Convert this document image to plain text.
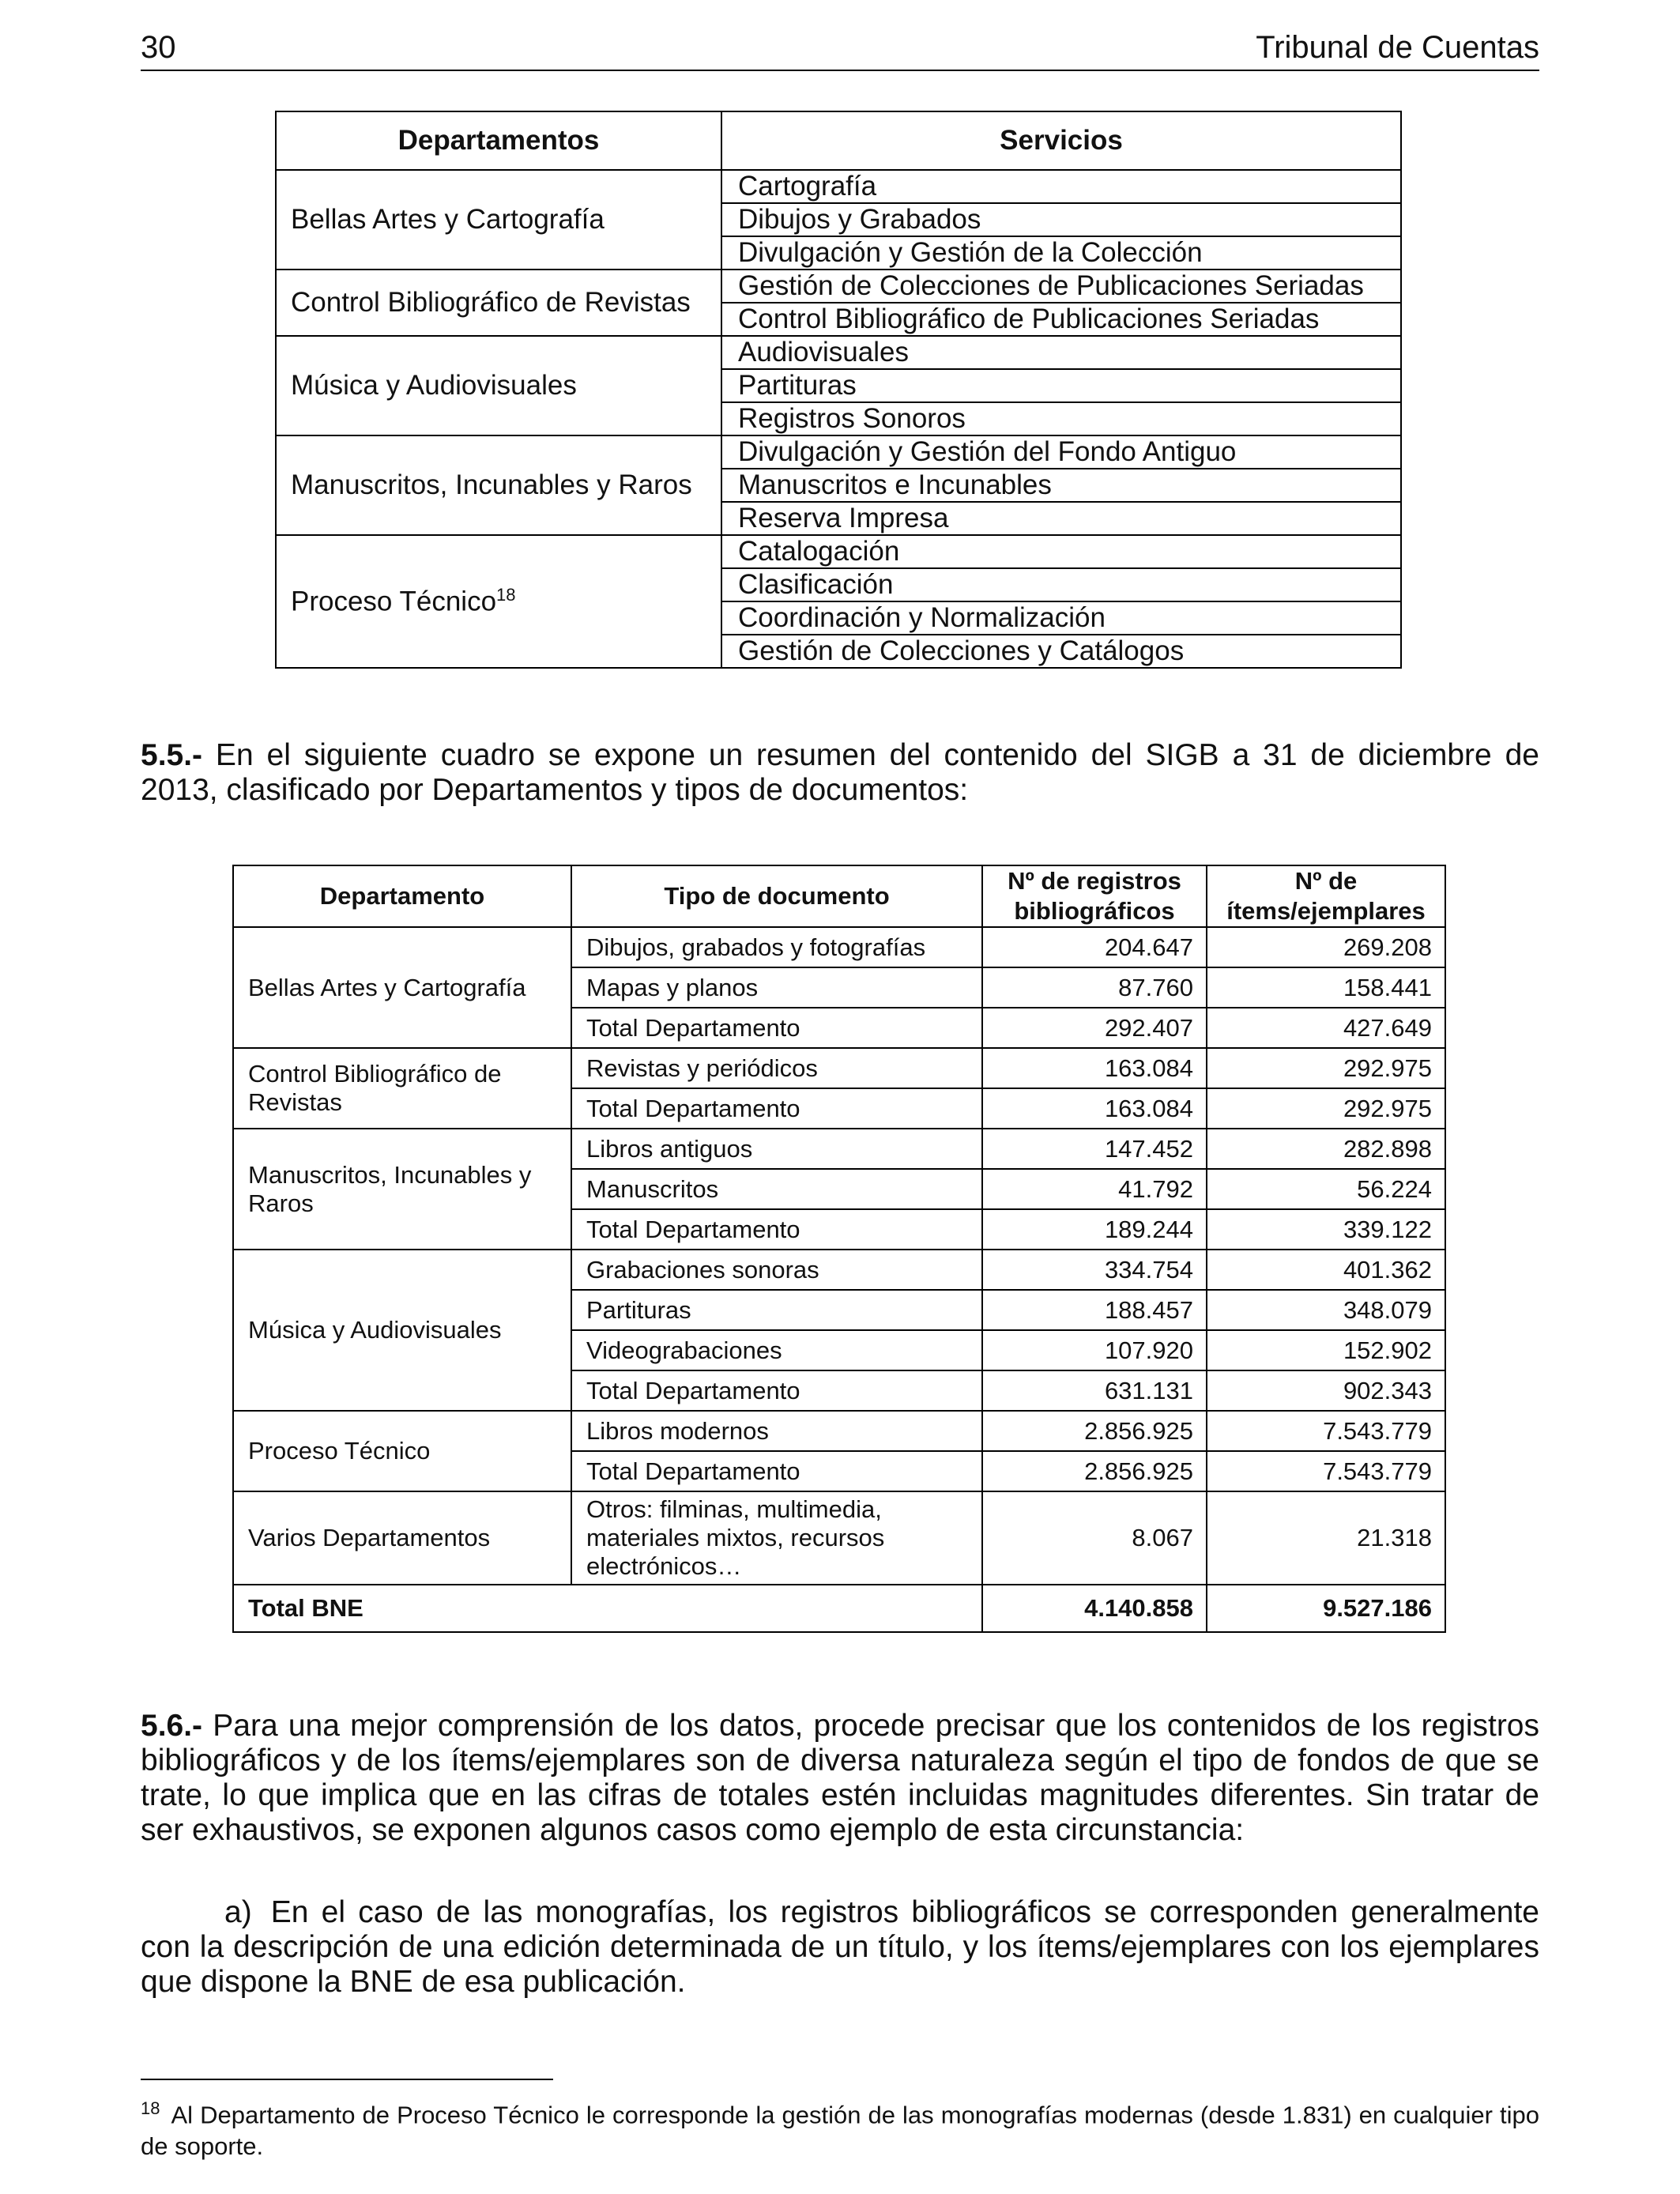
30	Tribunal de Cuentas
Departamentos	Servicios
Bellas Artes y Cartografía	Cartografía
	Dibujos y Grabados
	Divulgación y Gestión de la Colección
Control Bibliográfico de Revistas	Gestión de Colecciones de Publicaciones Seriadas
	Control Bibliográfico de Publicaciones Seriadas
Música y Audiovisuales	Audiovisuales
	Partituras
	Registros Sonoros
Manuscritos, Incunables y Raros	Divulgación y Gestión del Fondo Antiguo
	Manuscritos e Incunables
	Reserva Impresa
Proceso Técnico$^{18}$	Catalogación
	Clasificación
	Coordinación y Normalización
	Gestión de Colecciones y Catálogos
5.5.- En el siguiente cuadro se expone un resumen del contenido del SIGB a 31 de diciembre de 2013, clasificado por Departamentos y tipos de documentos:
Departamento	Tipo de documento	Nº de registros bibliográficos	Nº de ítems/ejemplares
Bellas Artes y Cartografía	Dibujos, grabados y fotografías	204.647	269.208
	Mapas y planos	87.760	158.441
	Total Departamento	292.407	427.649
Control Bibliográfico de Revistas	Revistas y periódicos	163.084	292.975
	Total Departamento	163.084	292.975
Manuscritos, Incunables y Raros	Libros antiguos	147.452	282.898
	Manuscritos	41.792	56.224
	Total Departamento	189.244	339.122
Música y Audiovisuales	Grabaciones sonoras	334.754	401.362
	Partituras	188.457	348.079
	Videograbaciones	107.920	152.902
	Total Departamento	631.131	902.343
Proceso Técnico	Libros modernos	2.856.925	7.543.779
	Total Departamento	2.856.925	7.543.779
Varios Departamentos	Otros: filminas, multimedia, materiales mixtos, recursos electrónicos…	8.067	21.318
Total BNE		4.140.858	9.527.186
5.6.- Para una mejor comprensión de los datos, procede precisar que los contenidos de los registros bibliográficos y de los ítems/ejemplares son de diversa naturaleza según el tipo de fondos de que se trate, lo que implica que en las cifras de totales estén incluidas magnitudes diferentes. Sin tratar de ser exhaustivos, se exponen algunos casos como ejemplo de esta circunstancia:
a) En el caso de las monografías, los registros bibliográficos se corresponden generalmente con la descripción de una edición determinada de un título, y los ítems/ejemplares con los ejemplares que dispone la BNE de esa publicación.
$^{18}$ Al Departamento de Proceso Técnico le corresponde la gestión de las monografías modernas (desde 1.831) en cualquier tipo de soporte.
